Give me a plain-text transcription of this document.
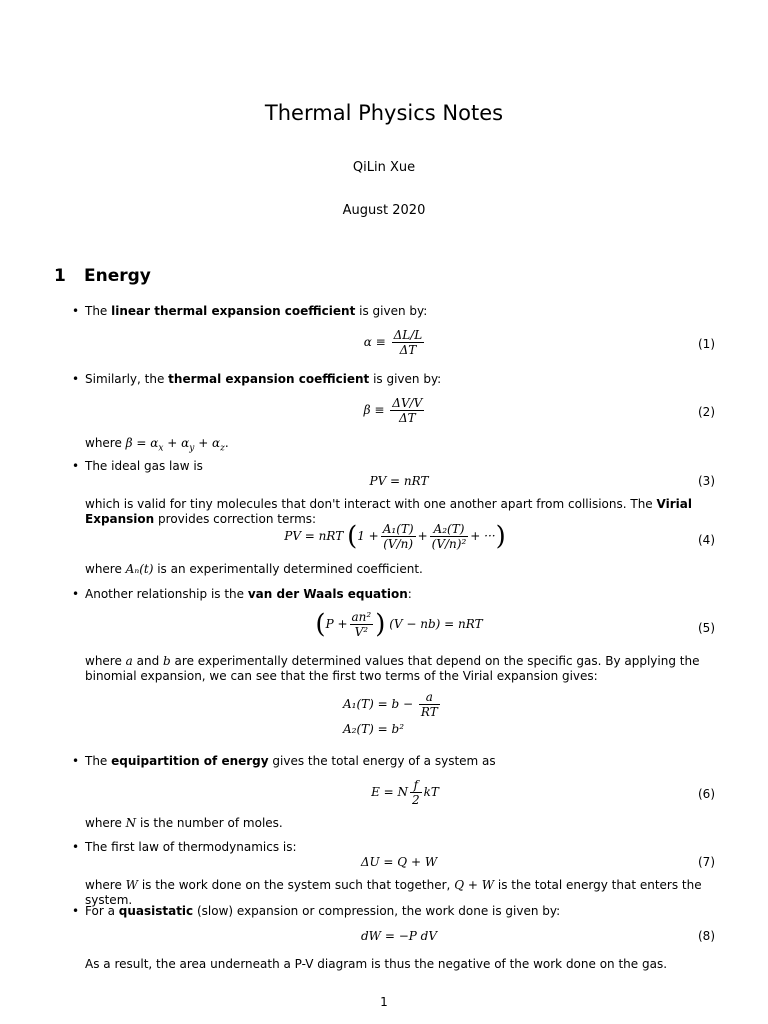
Thermal Physics Notes
QiLin Xue
August 2020
1 Energy
• The linear thermal expansion coefficient is given by:
$\alpha \equiv \frac{\Delta L/L}{\Delta T}$	(1)
• Similarly, the thermal expansion coefficient is given by:
$\beta \equiv \frac{\Delta V/V}{\Delta T}$	(2)
where $\beta = \alpha_x + \alpha_y + \alpha_z$.
• The ideal gas law is
PV = nRT	(3)
which is valid for tiny molecules that don't interact with one another apart from collisions. The Virial Expansion provides correction terms:
PV = nRT ($1 + \frac{\text{A₁(T)}}{(V/n)} + \frac{\text{A₂(T)}}{\text{(V/n)²}}$ + ···)	(4)
where Aₙ(t) is an experimentally determined coefficient.
• Another relationship is the van der Waals equation:
($P + \frac{\text{an²}}{\text{V²}}$ ) (V − nb) = nRT	(5)
where a and b are experimentally determined values that depend on the specific gas. By applying the binomial expansion, we can see that the first two terms of the Virial expansion gives:
$A_1(T) = b - \frac{a}{RT}$
A₂(T) = b²
• The equipartition of energy gives the total energy of a system as
E = N $\frac{f}{2}$ kT	(6)
where N is the number of moles.
• The first law of thermodynamics is:
ΔU = Q + W	(7)
where W is the work done on the system such that together, Q + W is the total energy that enters the system.
• For a quasistatic (slow) expansion or compression, the work done is given by:
dW = −P dV	(8)
As a result, the area underneath a P-V diagram is thus the negative of the work done on the gas.
1
